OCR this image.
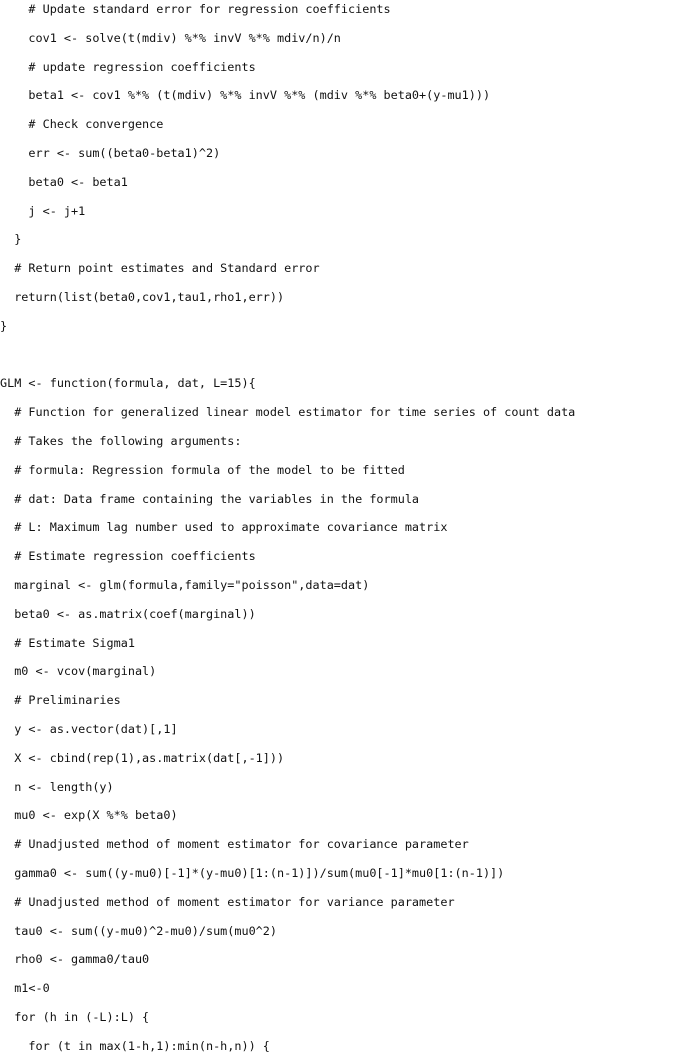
# Update standard error for regression coefficients
cov1 <- solve(t(mdiv) %*% invV %*% mdiv/n)/n
# update regression coefficients
beta1 <- cov1 %*% (t(mdiv) %*% invV %*% (mdiv %*% beta0+(y-mu1)))
# Check convergence
err <- sum((beta0-beta1)^2)
beta0 <- beta1
j <- j+1
}
# Return point estimates and Standard error
return(list(beta0,cov1,tau1,rho1,err))
}
GLM <- function(formula, dat, L=15){
# Function for generalized linear model estimator for time series of count data
# Takes the following arguments:
# formula: Regression formula of the model to be fitted
# dat: Data frame containing the variables in the formula
# L: Maximum lag number used to approximate covariance matrix
# Estimate regression coefficients
marginal <- glm(formula,family="poisson",data=dat)
beta0 <- as.matrix(coef(marginal))
# Estimate Sigma1
m0 <- vcov(marginal)
# Preliminaries
y <- as.vector(dat)[,1]
X <- cbind(rep(1),as.matrix(dat[,-1]))
n <- length(y)
mu0 <- exp(X %*% beta0)
# Unadjusted method of moment estimator for covariance parameter
gamma0 <- sum((y-mu0)[-1]*(y-mu0)[1:(n-1)])/sum(mu0[-1]*mu0[1:(n-1)])
# Unadjusted method of moment estimator for variance parameter
tau0 <- sum((y-mu0)^2-mu0)/sum(mu0^2)
rho0 <- gamma0/tau0
m1<-0
for (h in (-L):L) {
for (t in max(1-h,1):min(n-h,n)) {
